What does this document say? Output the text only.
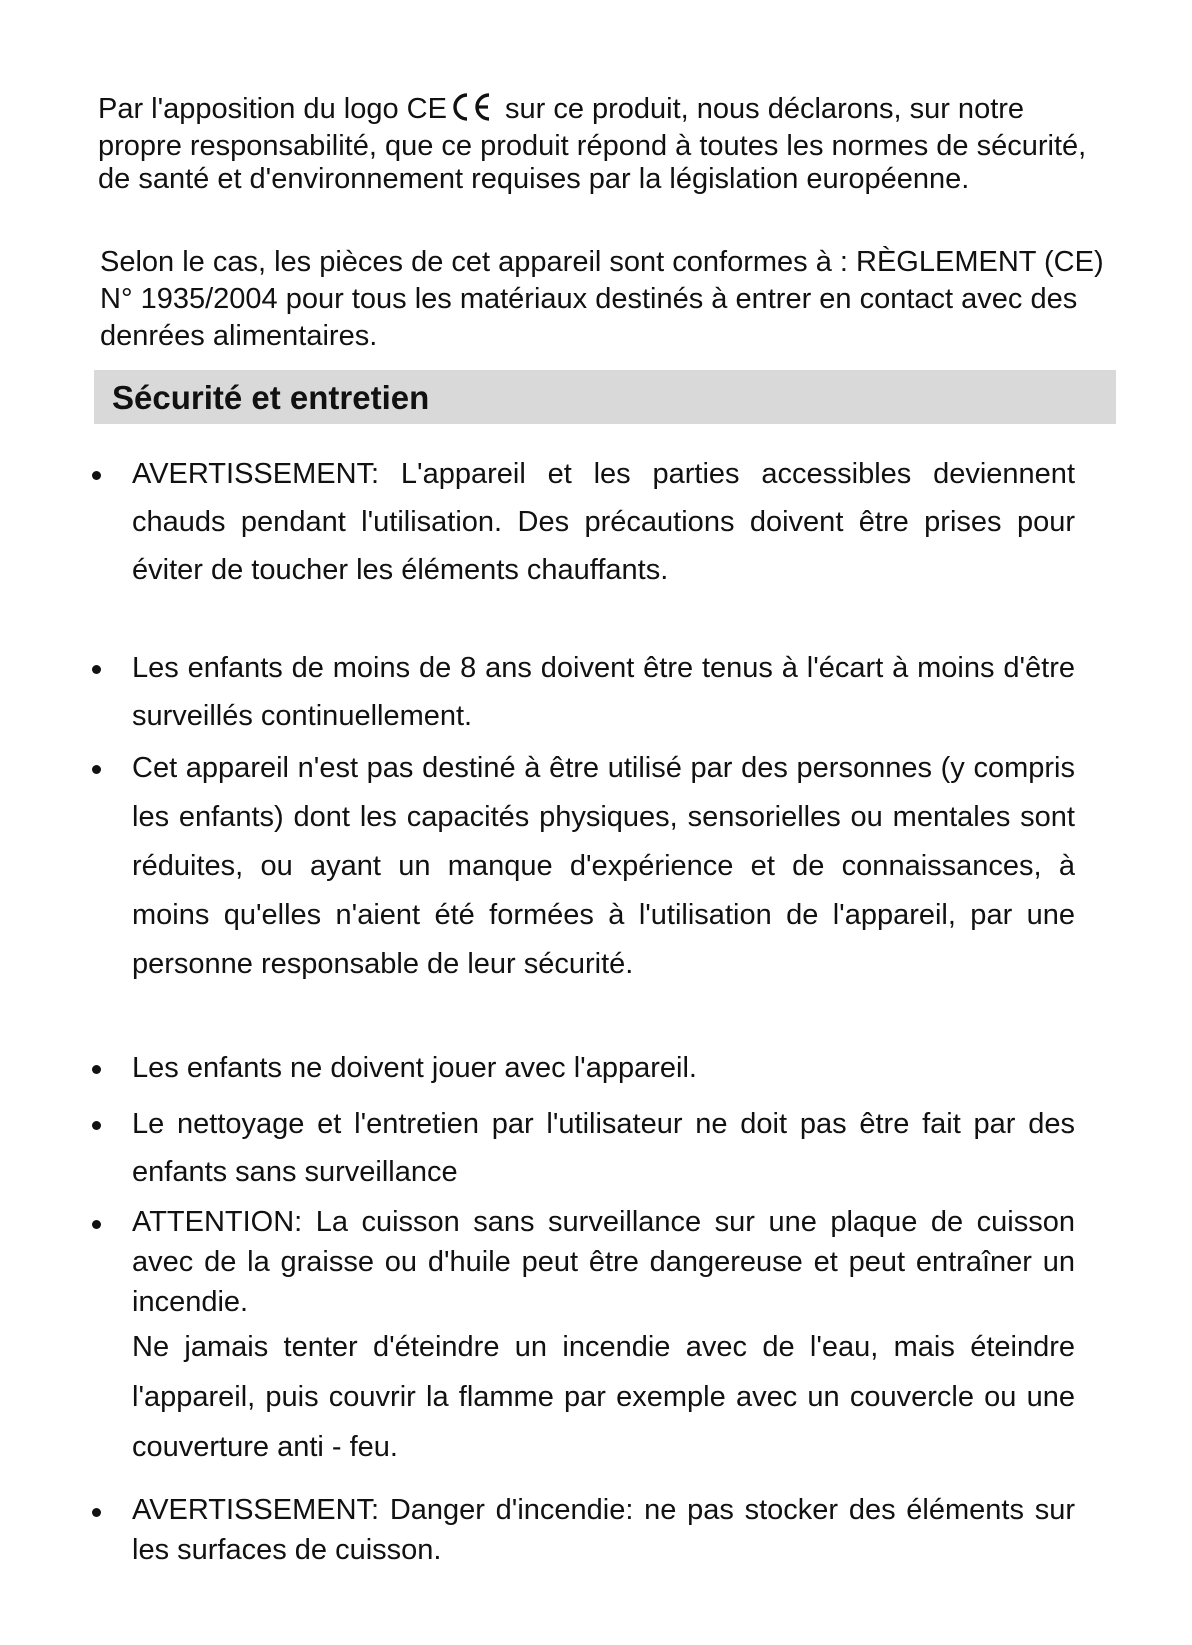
Par l'apposition du logo CE sur ce produit, nous déclarons, sur notre propre responsabilité, que ce produit répond à toutes les normes de sécurité, de santé et d'environnement requises par la législation européenne.

Selon le cas, les pièces de cet appareil sont conformes à : RÈGLEMENT (CE) N° 1935/2004 pour tous les matériaux destinés à entrer en contact avec des denrées alimentaires.

Sécurité et entretien

AVERTISSEMENT: L'appareil et les parties accessibles deviennent chauds pendant l'utilisation. Des précautions doivent être prises pour éviter de toucher les éléments chauffants.

Les enfants de moins de 8 ans doivent être tenus à l'écart à moins d'être surveillés continuellement.

Cet appareil n'est pas destiné à être utilisé par des personnes (y compris les enfants) dont les capacités physiques, sensorielles ou mentales sont réduites, ou ayant un manque d'expérience et de connaissances, à moins qu'elles n'aient été formées à l'utilisation de l'appareil, par une personne responsable de leur sécurité.

Les enfants ne doivent jouer avec l'appareil.

Le nettoyage et l'entretien par l'utilisateur ne doit pas être fait par des enfants sans surveillance

ATTENTION: La cuisson sans surveillance sur une plaque de cuisson avec de la graisse ou d'huile peut être dangereuse et peut entraîner un incendie.

Ne jamais tenter d'éteindre un incendie avec de l'eau, mais éteindre l'appareil, puis couvrir la flamme par exemple avec un couvercle ou une couverture anti - feu.

AVERTISSEMENT: Danger d'incendie: ne pas stocker des éléments sur les surfaces de cuisson.
